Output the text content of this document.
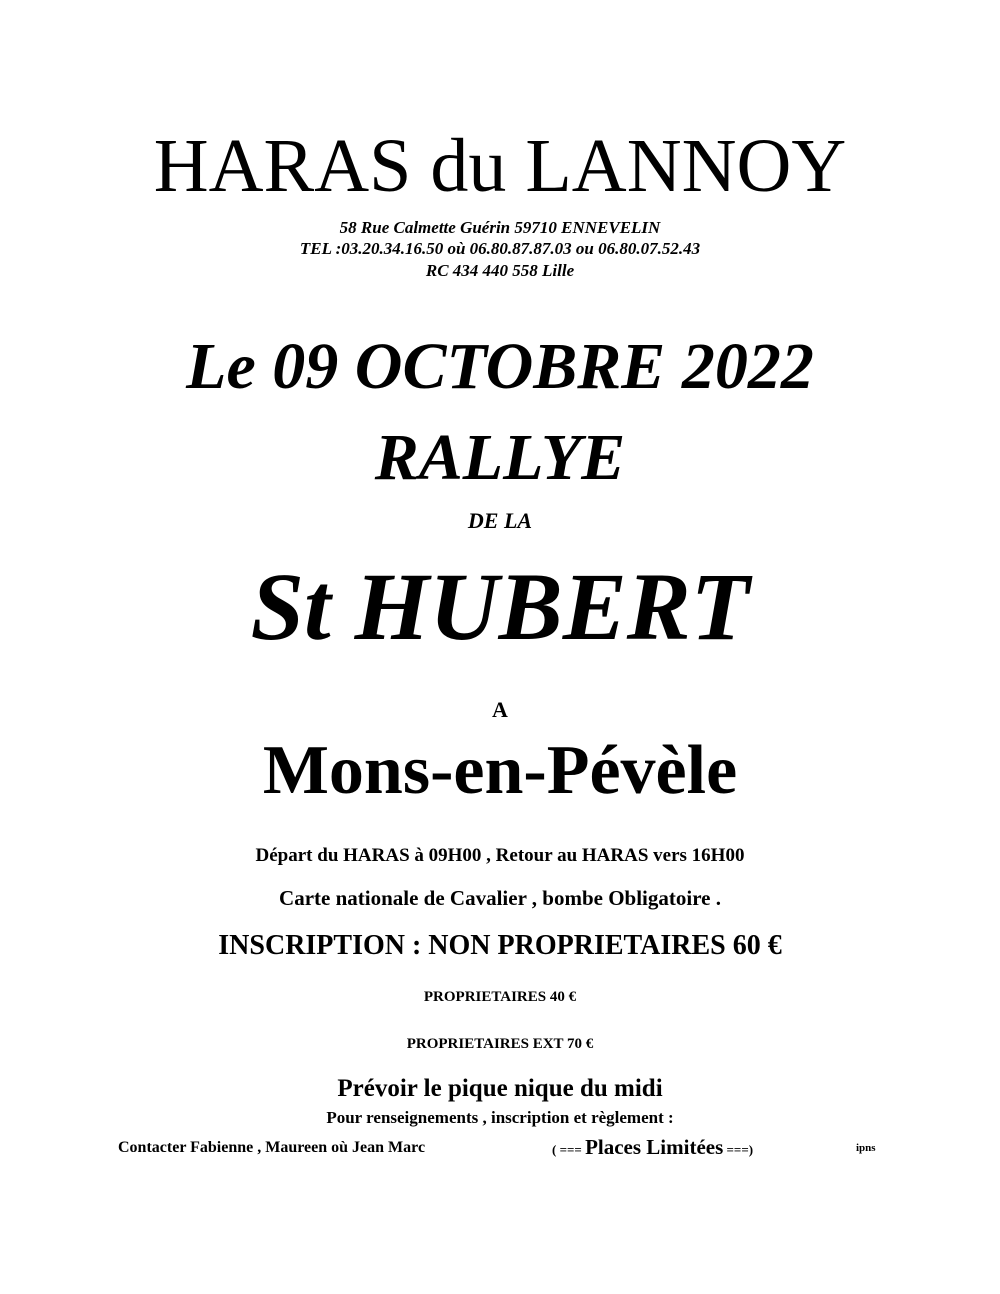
HARAS du LANNOY
58 Rue Calmette Guérin 59710 ENNEVELIN
TEL :03.20.34.16.50 où 06.80.87.87.03 ou 06.80.07.52.43
RC 434 440 558 Lille
Le 09 OCTOBRE 2022
RALLYE
DE LA
St HUBERT
A
Mons-en-Pévèle
Départ du HARAS à 09H00 , Retour au HARAS vers 16H00
Carte nationale de Cavalier , bombe Obligatoire .
INSCRIPTION : NON PROPRIETAIRES 60 €
PROPRIETAIRES 40 €
PROPRIETAIRES EXT 70 €
Prévoir le pique nique du midi
Pour renseignements , inscription et règlement :
Contacter Fabienne , Maureen où Jean Marc	( === Places Limitées ===)	ipns
